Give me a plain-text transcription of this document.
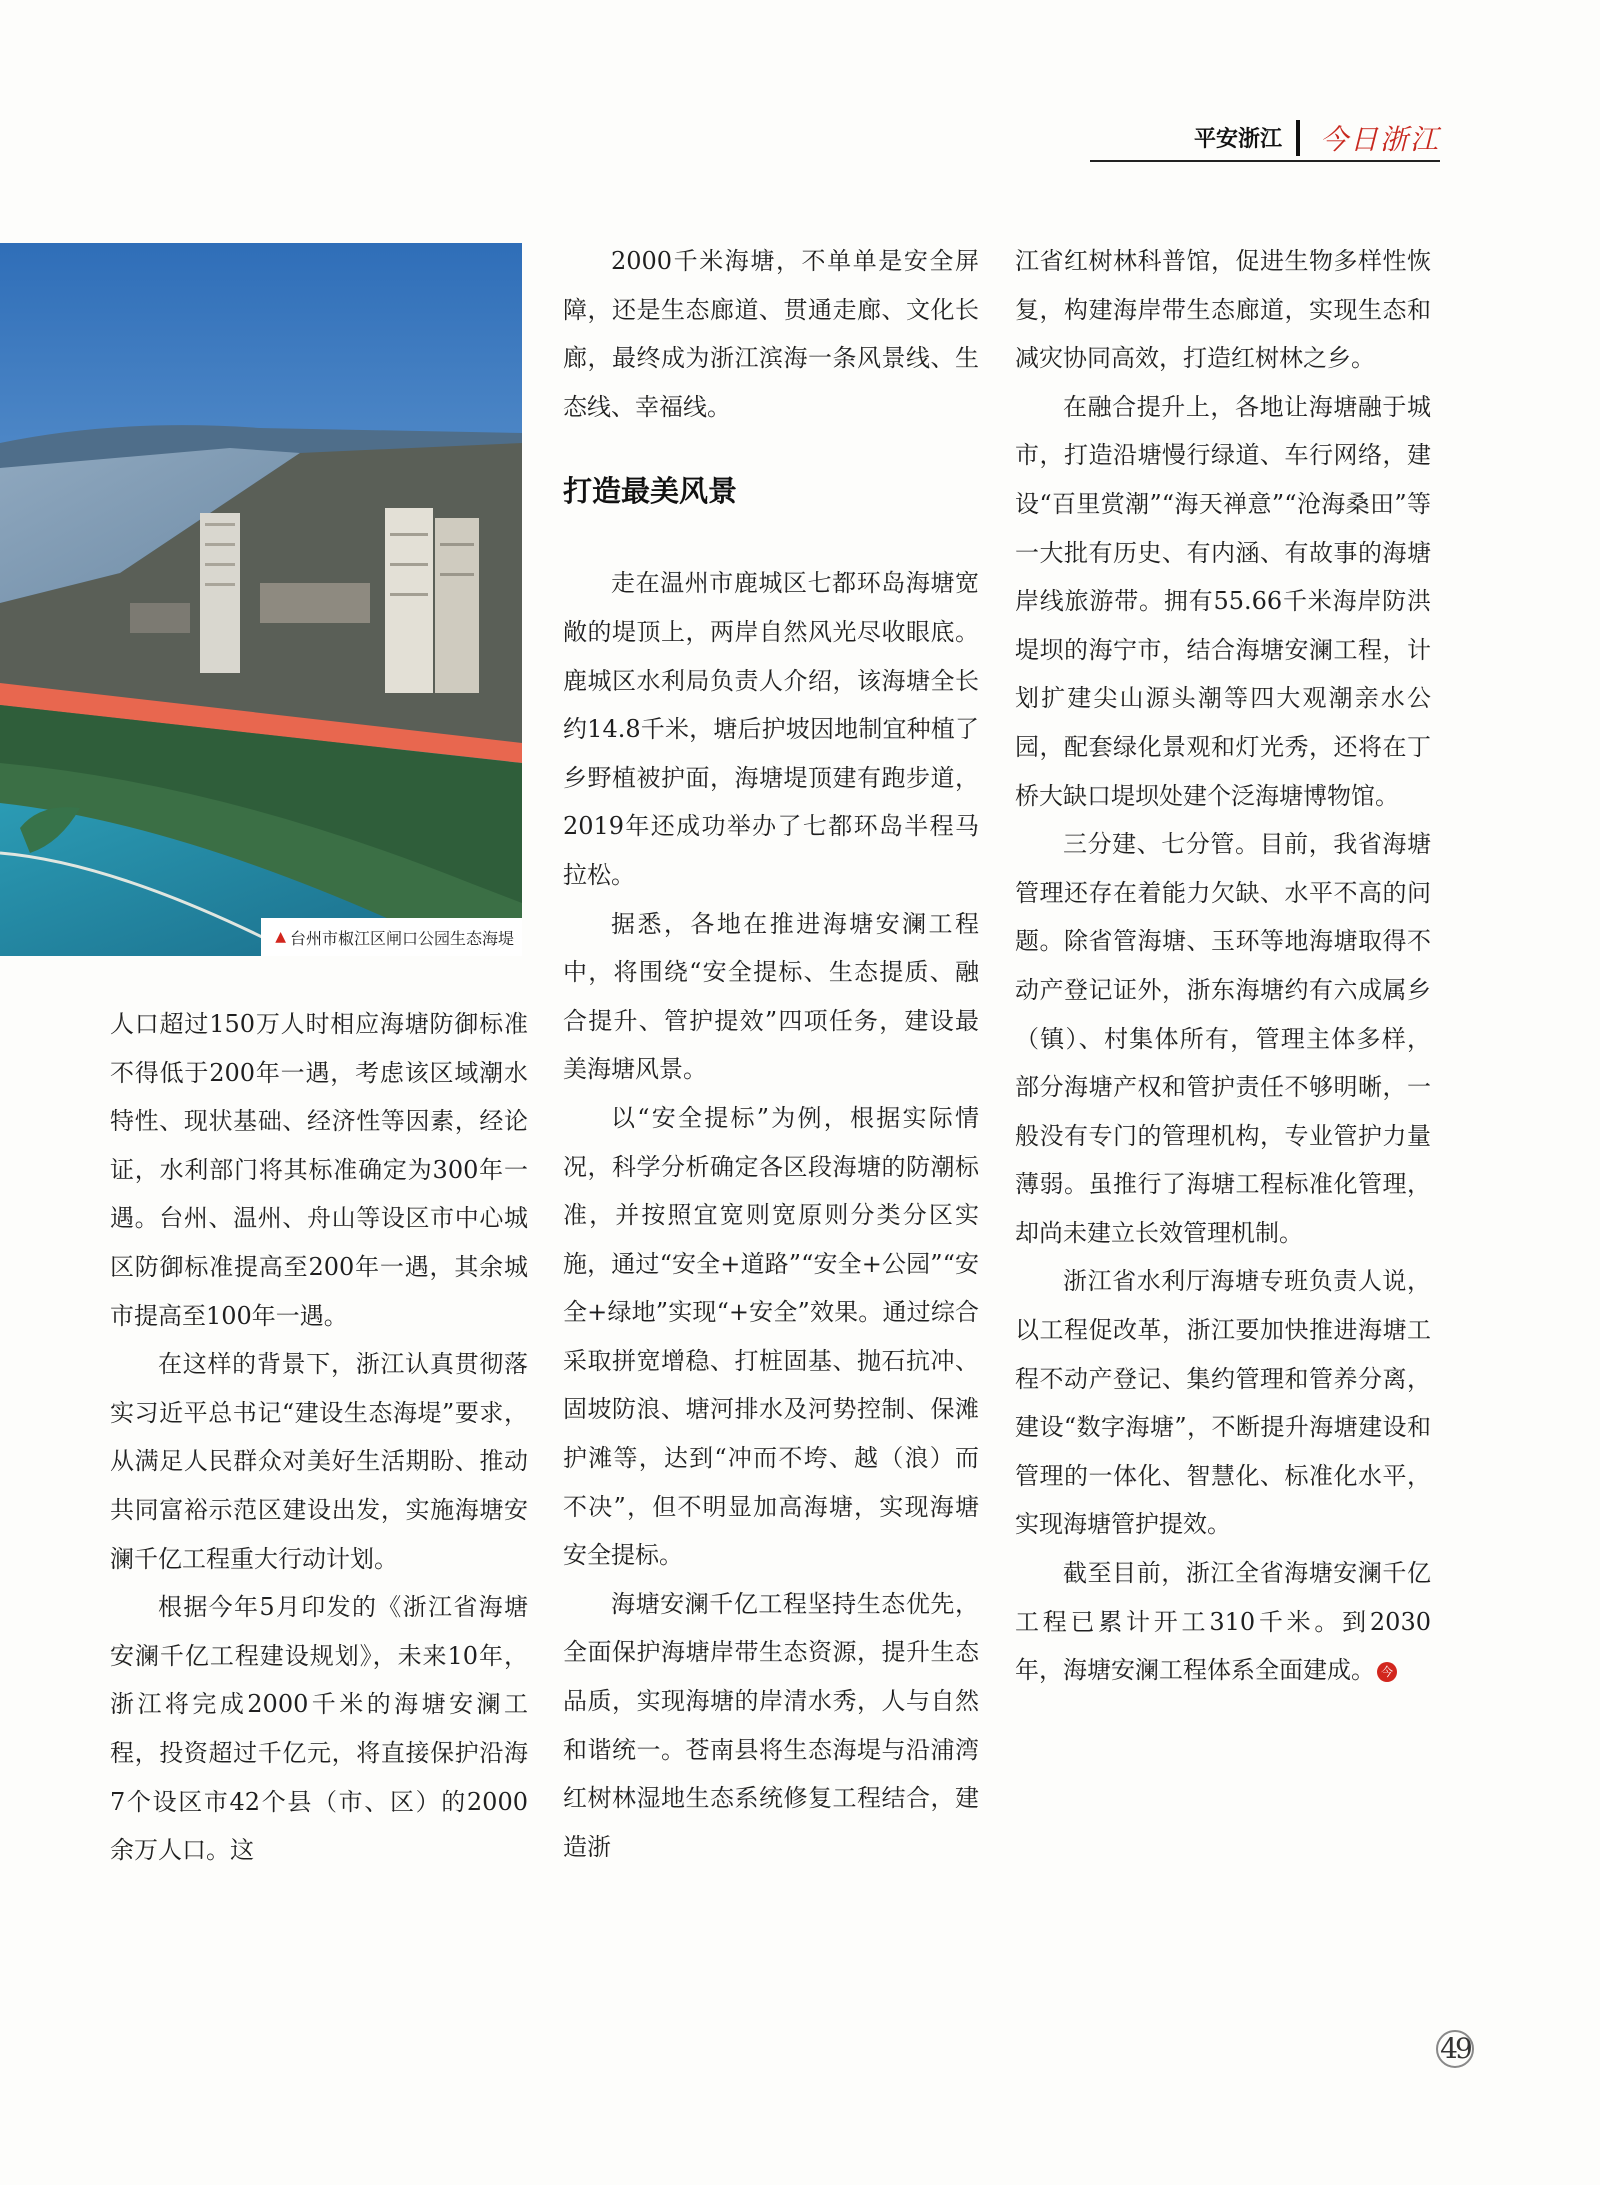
平安浙江 今日浙江
▲ 台州市椒江区闸口公园生态海堤

人口超过150万人时相应海塘防御标准不得低于200年一遇，考虑该区域潮水特性、现状基础、经济性等因素，经论证，水利部门将其标准确定为300年一遇。台州、温州、舟山等设区市中心城区防御标准提高至200年一遇，其余城市提高至100年一遇。

在这样的背景下，浙江认真贯彻落实习近平总书记“建设生态海堤”要求，从满足人民群众对美好生活期盼、推动共同富裕示范区建设出发，实施海塘安澜千亿工程重大行动计划。

根据今年5月印发的《浙江省海塘安澜千亿工程建设规划》，未来10年，浙江将完成2000千米的海塘安澜工程，投资超过千亿元，将直接保护沿海7个设区市42个县（市、区）的2000余万人口。这

2000千米海塘，不单单是安全屏障，还是生态廊道、贯通走廊、文化长廊，最终成为浙江滨海一条风景线、生态线、幸福线。

打造最美风景

走在温州市鹿城区七都环岛海塘宽敞的堤顶上，两岸自然风光尽收眼底。鹿城区水利局负责人介绍，该海塘全长约14.8千米，塘后护坡因地制宜种植了乡野植被护面，海塘堤顶建有跑步道，2019年还成功举办了七都环岛半程马拉松。

据悉，各地在推进海塘安澜工程中，将围绕“安全提标、生态提质、融合提升、管护提效”四项任务，建设最美海塘风景。

以“安全提标”为例，根据实际情况，科学分析确定各区段海塘的防潮标准，并按照宜宽则宽原则分类分区实施，通过“安全+道路”“安全+公园”“安全+绿地”实现“+安全”效果。通过综合采取拼宽增稳、打桩固基、抛石抗冲、固坡防浪、塘河排水及河势控制、保滩护滩等，达到“冲而不垮、越（浪）而不决”，但不明显加高海塘，实现海塘安全提标。

海塘安澜千亿工程坚持生态优先，全面保护海塘岸带生态资源，提升生态品质，实现海塘的岸清水秀，人与自然和谐统一。苍南县将生态海堤与沿浦湾红树林湿地生态系统修复工程结合，建造浙

江省红树林科普馆，促进生物多样性恢复，构建海岸带生态廊道，实现生态和减灾协同高效，打造红树林之乡。

在融合提升上，各地让海塘融于城市，打造沿塘慢行绿道、车行网络，建设“百里赏潮”“海天禅意”“沧海桑田”等一大批有历史、有内涵、有故事的海塘岸线旅游带。拥有55.66千米海岸防洪堤坝的海宁市，结合海塘安澜工程，计划扩建尖山源头潮等四大观潮亲水公园，配套绿化景观和灯光秀，还将在丁桥大缺口堤坝处建个泛海塘博物馆。

三分建、七分管。目前，我省海塘管理还存在着能力欠缺、水平不高的问题。除省管海塘、玉环等地海塘取得不动产登记证外，浙东海塘约有六成属乡（镇）、村集体所有，管理主体多样，部分海塘产权和管护责任不够明晰，一般没有专门的管理机构，专业管护力量薄弱。虽推行了海塘工程标准化管理，却尚未建立长效管理机制。

浙江省水利厅海塘专班负责人说，以工程促改革，浙江要加快推进海塘工程不动产登记、集约管理和管养分离，建设“数字海塘”，不断提升海塘建设和管理的一体化、智慧化、标准化水平，实现海塘管护提效。

截至目前，浙江全省海塘安澜千亿工程已累计开工310千米。到2030年，海塘安澜工程体系全面建成。 今

49
